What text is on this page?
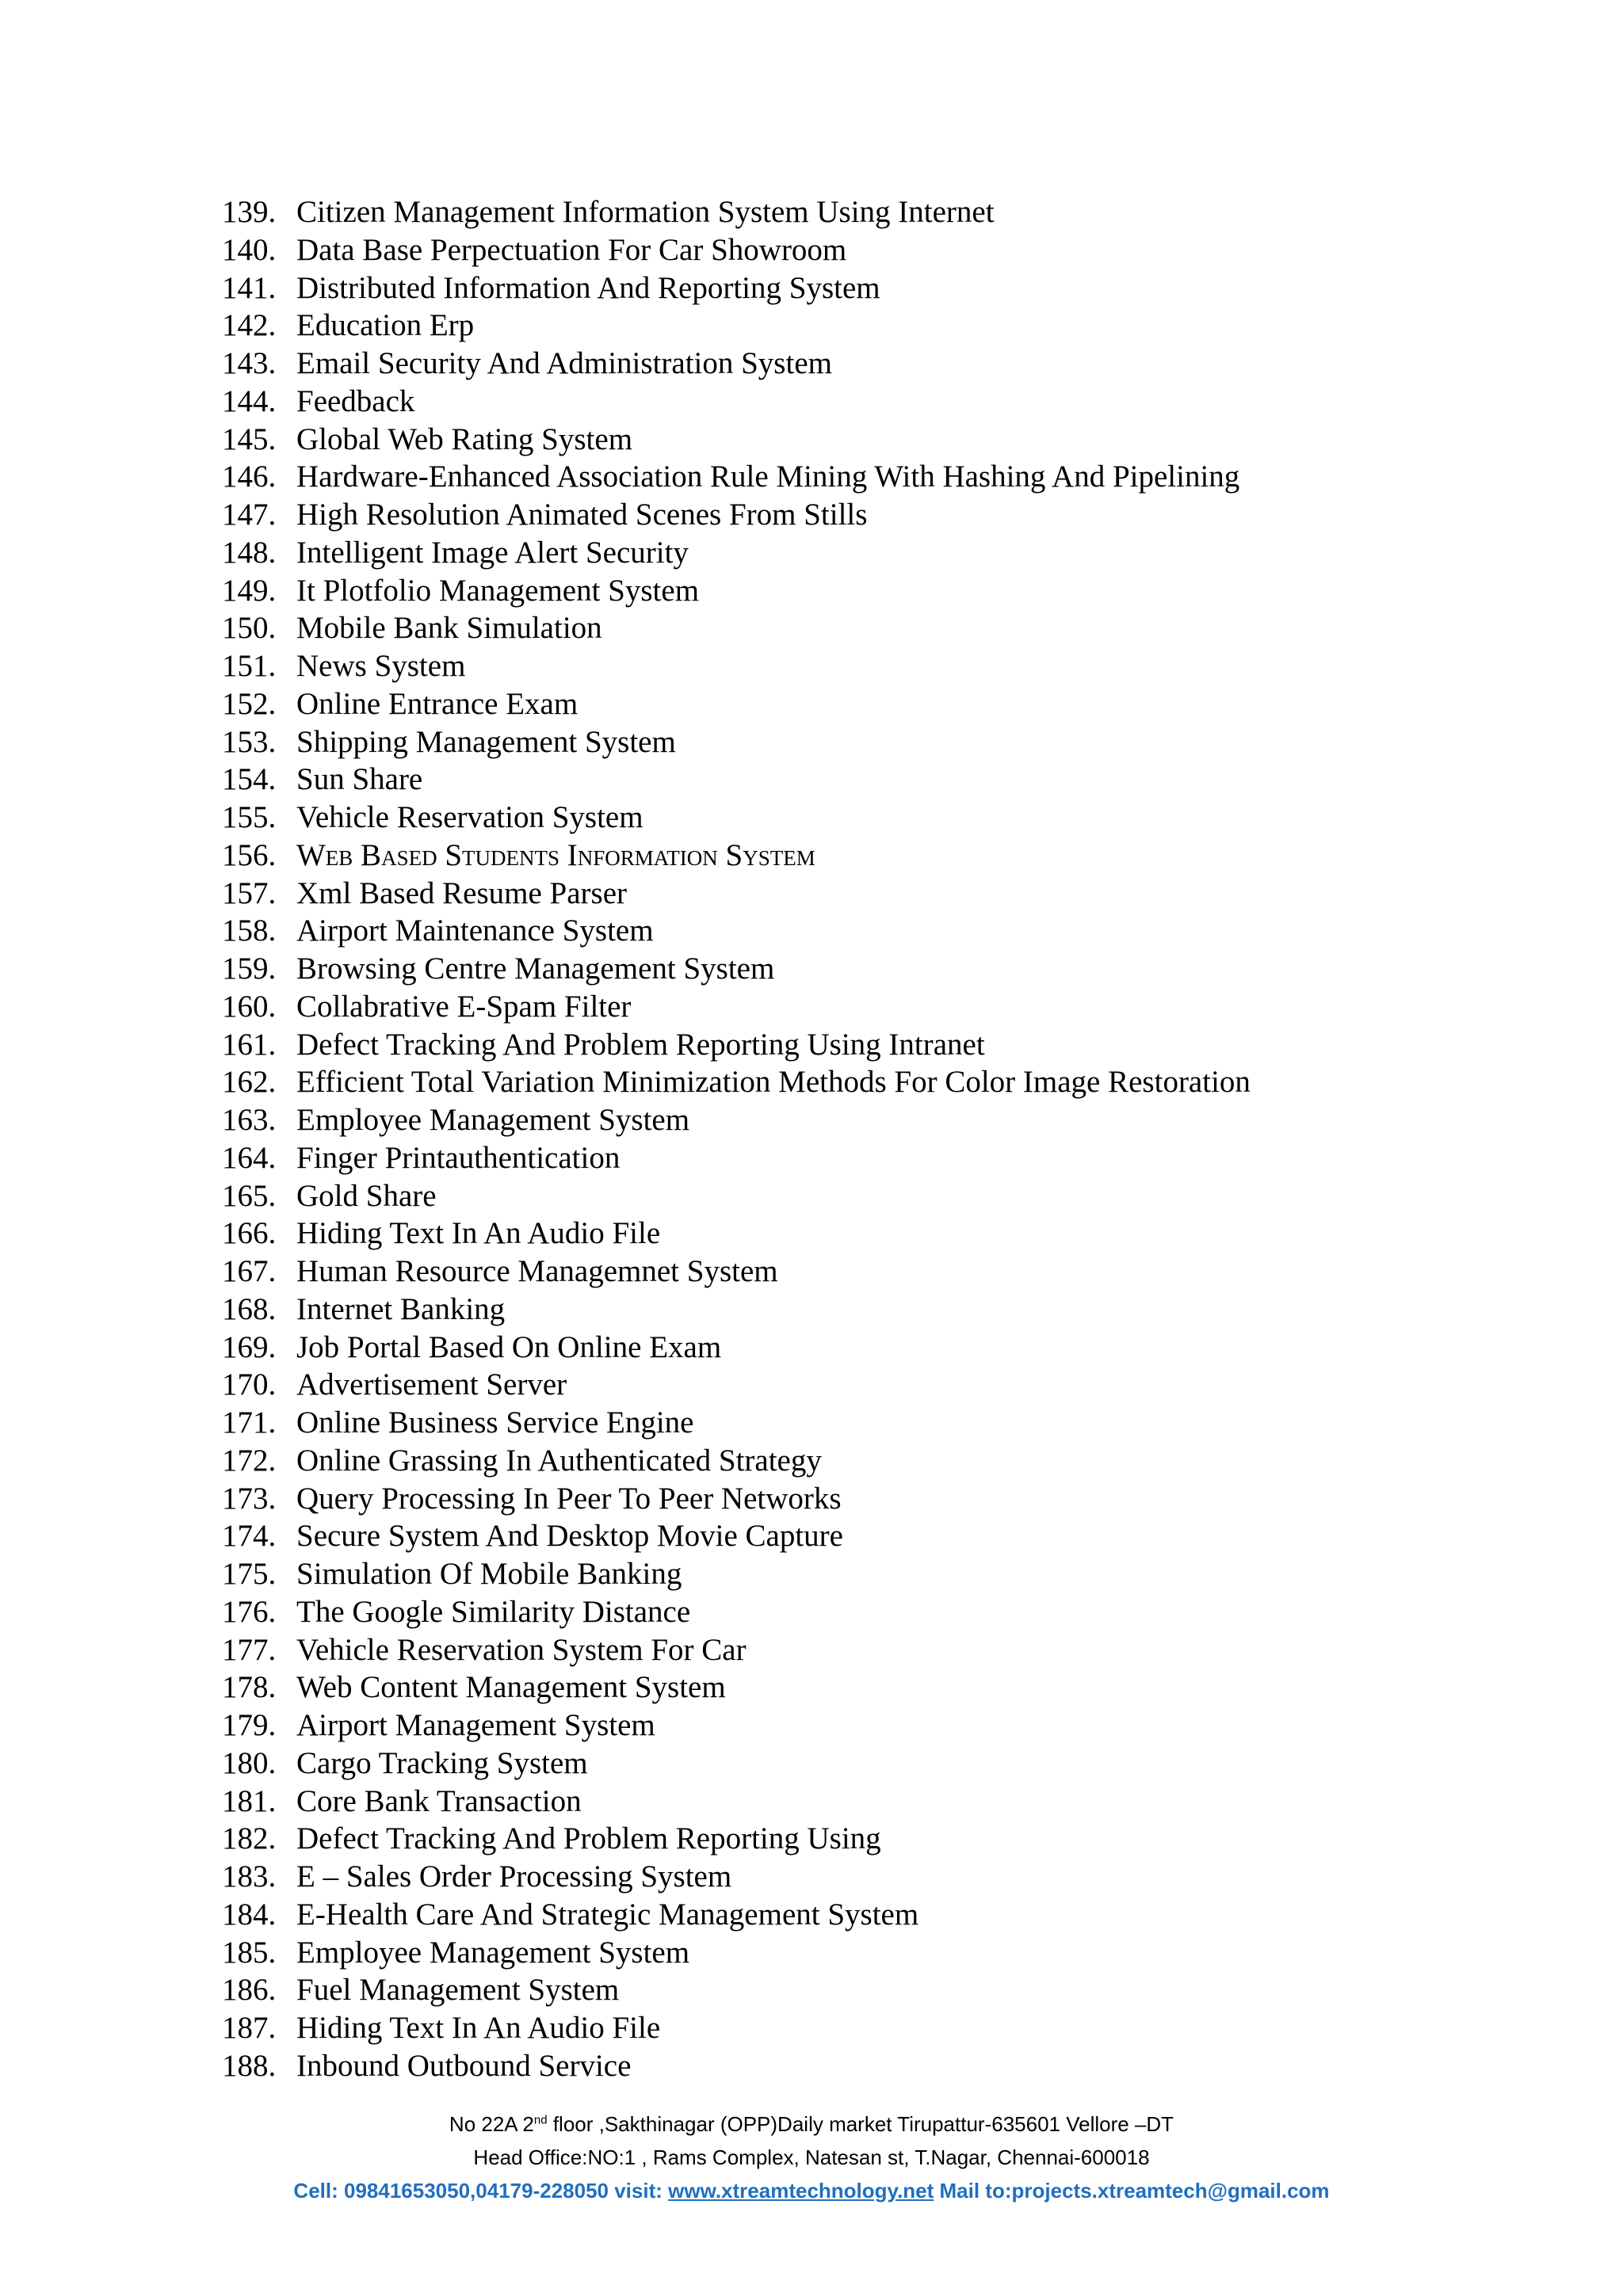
139. Citizen Management Information System Using Internet
140. Data Base Perpectuation For Car Showroom
141. Distributed Information And Reporting System
142. Education Erp
143. Email Security And Administration System
144. Feedback
145. Global Web Rating System
146. Hardware-Enhanced Association Rule Mining With Hashing And Pipelining
147. High Resolution Animated Scenes From Stills
148. Intelligent Image Alert Security
149. It Plotfolio Management System
150. Mobile Bank Simulation
151. News System
152. Online Entrance Exam
153. Shipping Management System
154. Sun Share
155. Vehicle Reservation System
156. Web Based Students Information System
157. Xml Based Resume Parser
158. Airport Maintenance System
159. Browsing Centre Management System
160. Collabrative E-Spam Filter
161. Defect Tracking And Problem Reporting Using Intranet
162. Efficient Total Variation Minimization Methods For Color Image Restoration
163. Employee Management System
164. Finger Printauthentication
165. Gold Share
166. Hiding Text In An Audio File
167. Human Resource Managemnet System
168. Internet Banking
169. Job Portal Based On Online Exam
170. Advertisement Server
171. Online Business Service Engine
172. Online Grassing In Authenticated Strategy
173. Query Processing In Peer To Peer Networks
174. Secure System And Desktop Movie Capture
175. Simulation Of Mobile Banking
176. The Google Similarity Distance
177. Vehicle Reservation System For Car
178. Web Content Management System
179. Airport Management System
180. Cargo Tracking System
181. Core Bank Transaction
182. Defect Tracking And Problem Reporting Using
183. E – Sales Order Processing System
184. E-Health Care And Strategic Management System
185. Employee Management System
186. Fuel Management System
187. Hiding Text In An Audio File
188. Inbound Outbound Service
No 22A 2nd floor ,Sakthinagar (OPP)Daily market Tirupattur-635601 Vellore –DT
Head Office:NO:1 , Rams Complex, Natesan st, T.Nagar, Chennai-600018
Cell: 09841653050,04179-228050 visit: www.xtreamtechnology.net Mail to:projects.xtreamtech@gmail.com
